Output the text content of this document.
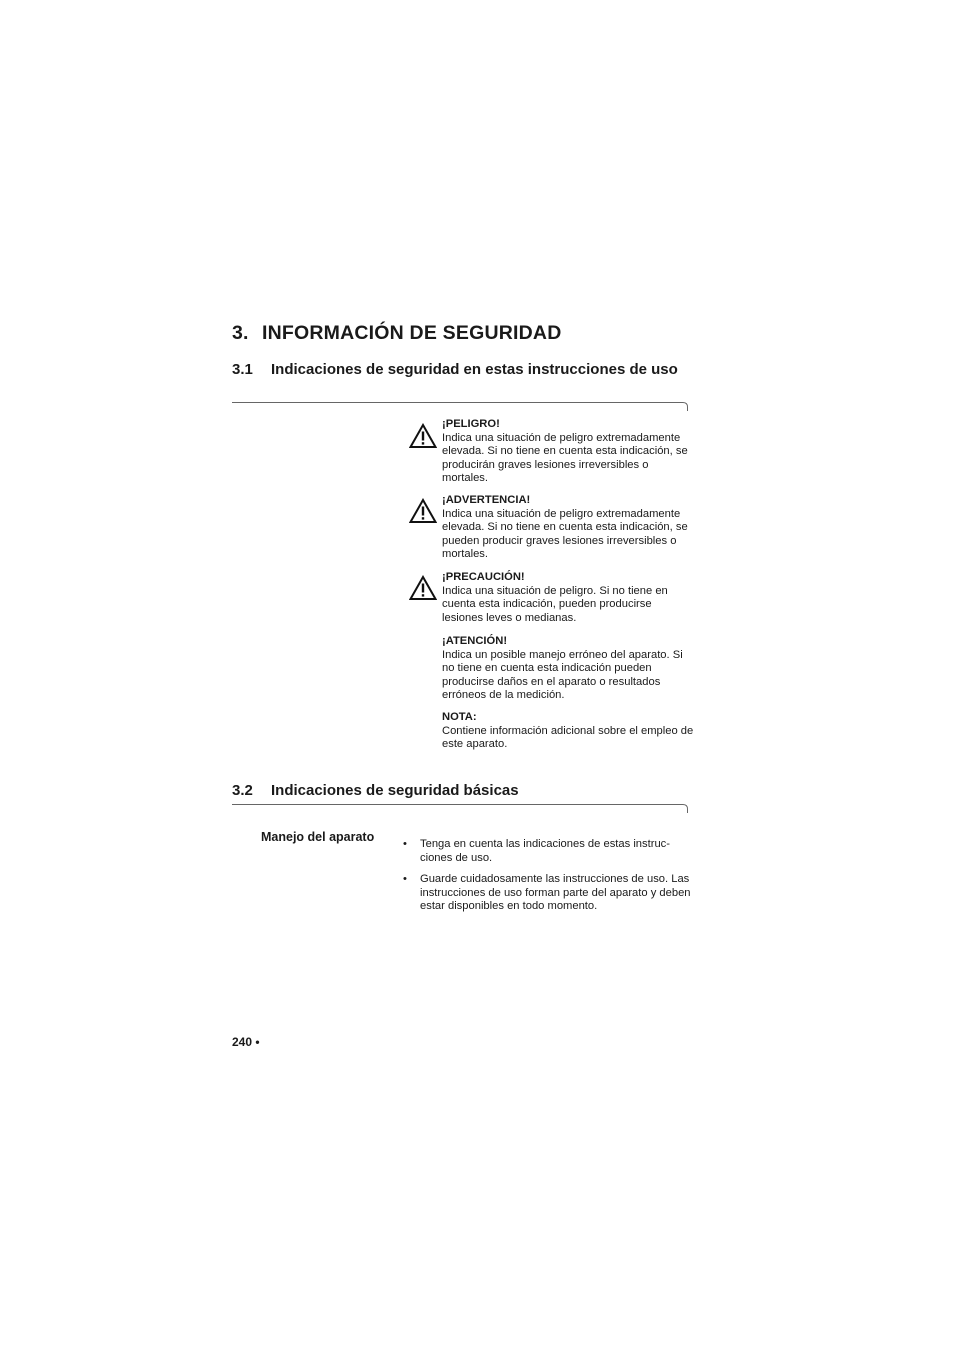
3. INFORMACIÓN DE SEGURIDAD
3.1 Indicaciones de seguridad en estas instrucciones de uso
¡PELIGRO!
Indica una situación de peligro extremadamente elevada. Si no tiene en cuenta esta indicación, se producirán graves lesiones irreversibles o mortales.
¡ADVERTENCIA!
Indica una situación de peligro extremadamente elevada. Si no tiene en cuenta esta indicación, se pueden producir graves lesiones irreversibles o mortales.
¡PRECAUCIÓN!
Indica una situación de peligro. Si no tiene en cuenta esta indicación, pueden producirse lesiones leves o medianas.
¡ATENCIÓN!
Indica un posible manejo erróneo del aparato. Si no tiene en cuenta esta indicación pueden producirse daños en el aparato o resultados erróneos de la medición.
NOTA:
Contiene información adicional sobre el empleo de este aparato.
3.2 Indicaciones de seguridad básicas
Manejo del aparato	• Tenga en cuenta las indicaciones de estas instruc- ciones de uso.
• Guarde cuidadosamente las instrucciones de uso. Las instrucciones de uso forman parte del aparato y deben estar disponibles en todo momento.
240 •
